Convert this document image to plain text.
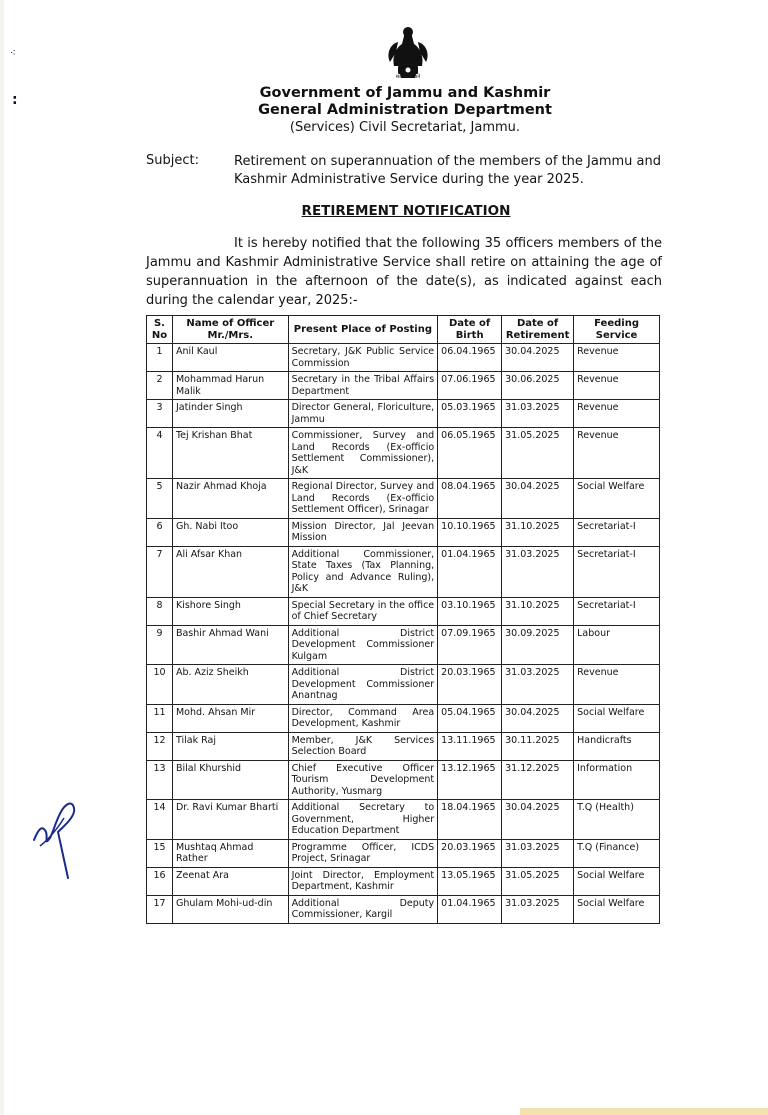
⁖
:
सत्यमेव जयते
Government of Jammu and Kashmir
General Administration Department
(Services) Civil Secretariat, Jammu.
Subject:	Retirement on superannuation of the members of the Jammu and Kashmir Administrative Service during the year 2025.
RETIREMENT NOTIFICATION
It is hereby notified that the following 35 officers members of the Jammu and Kashmir Administrative Service shall retire on attaining the age of superannuation in the afternoon of the date(s), as indicated against each during the calendar year, 2025:-
S. No	Name of Officer Mr./Mrs.	Present Place of Posting	Date of Birth	Date of Retirement	Feeding Service
1	Anil Kaul	Secretary, J&K Public Service Commission	06.04.1965	30.04.2025	Revenue
2	Mohammad Harun Malik	Secretary in the Tribal Affairs Department	07.06.1965	30.06.2025	Revenue
3	Jatinder Singh	Director General, Floriculture, Jammu	05.03.1965	31.03.2025	Revenue
4	Tej Krishan Bhat	Commissioner, Survey and Land Records (Ex-officio Settlement Commissioner), J&K	06.05.1965	31.05.2025	Revenue
5	Nazir Ahmad Khoja	Regional Director, Survey and Land Records (Ex-officio Settlement Officer), Srinagar	08.04.1965	30.04.2025	Social Welfare
6	Gh. Nabi Itoo	Mission Director, Jal Jeevan Mission	10.10.1965	31.10.2025	Secretariat-I
7	Ali Afsar Khan	Additional Commissioner, State Taxes (Tax Planning, Policy and Advance Ruling), J&K	01.04.1965	31.03.2025	Secretariat-I
8	Kishore Singh	Special Secretary in the office of Chief Secretary	03.10.1965	31.10.2025	Secretariat-I
9	Bashir Ahmad Wani	Additional District Development Commissioner Kulgam	07.09.1965	30.09.2025	Labour
10	Ab. Aziz Sheikh	Additional District Development Commissioner Anantnag	20.03.1965	31.03.2025	Revenue
11	Mohd. Ahsan Mir	Director, Command Area Development, Kashmir	05.04.1965	30.04.2025	Social Welfare
12	Tilak Raj	Member, J&K Services Selection Board	13.11.1965	30.11.2025	Handicrafts
13	Bilal Khurshid	Chief Executive Officer Tourism Development Authority, Yusmarg	13.12.1965	31.12.2025	Information
14	Dr. Ravi Kumar Bharti	Additional Secretary to Government, Higher Education Department	18.04.1965	30.04.2025	T.Q (Health)
15	Mushtaq Ahmad Rather	Programme Officer, ICDS Project, Srinagar	20.03.1965	31.03.2025	T.Q (Finance)
16	Zeenat Ara	Joint Director, Employment Department, Kashmir	13.05.1965	31.05.2025	Social Welfare
17	Ghulam Mohi-ud-din	Additional Deputy Commissioner, Kargil	01.04.1965	31.03.2025	Social Welfare
